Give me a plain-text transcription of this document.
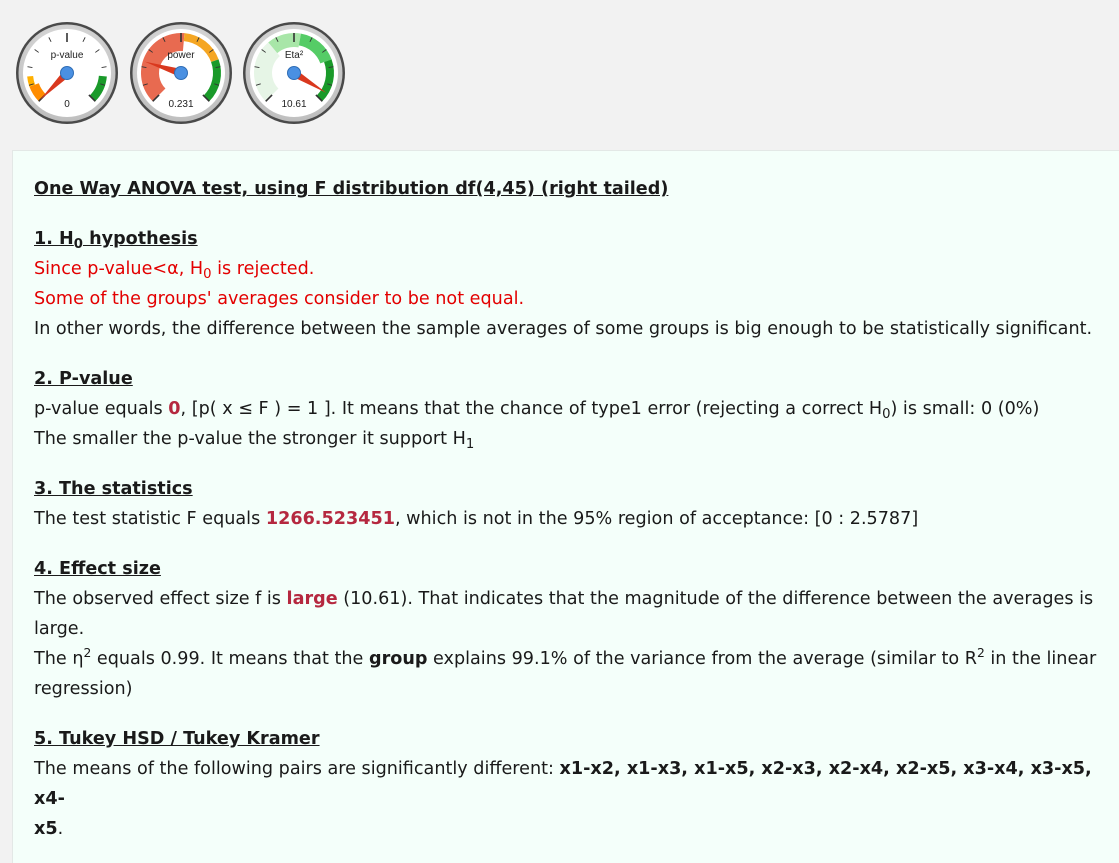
p-value
0
power
0.231
Eta²
10.61

One Way ANOVA test, using F distribution df(4,45) (right tailed)

1. $H_0$ hypothesis

Since p-value<α, $H_0$ is rejected.

Some of the groups' averages consider to be not equal.

In other words, the difference between the sample averages of some groups is big enough to be statistically significant.

2. P-value

p-value equals 0, [p( x ≤ F ) = 1 ]. It means that the chance of type1 error (rejecting a correct $H_0$) is small: 0 (0%)

The smaller the p-value the stronger it support $H_1$

3. The statistics

The test statistic F equals 1266.523451, which is not in the 95% region of acceptance: [0 : 2.5787]

4. Effect size

The observed effect size f is large (10.61). That indicates that the magnitude of the difference between the averages is

large.

The $\eta^2$ equals 0.99. It means that the group explains 99.1% of the variance from the average (similar to $R^2$ in the linear

regression)

5. Tukey HSD / Tukey Kramer

The means of the following pairs are significantly different: x1-x2, x1-x3, x1-x5, x2-x3, x2-x4, x2-x5, x3-x4, x3-x5, x4-

x5.
